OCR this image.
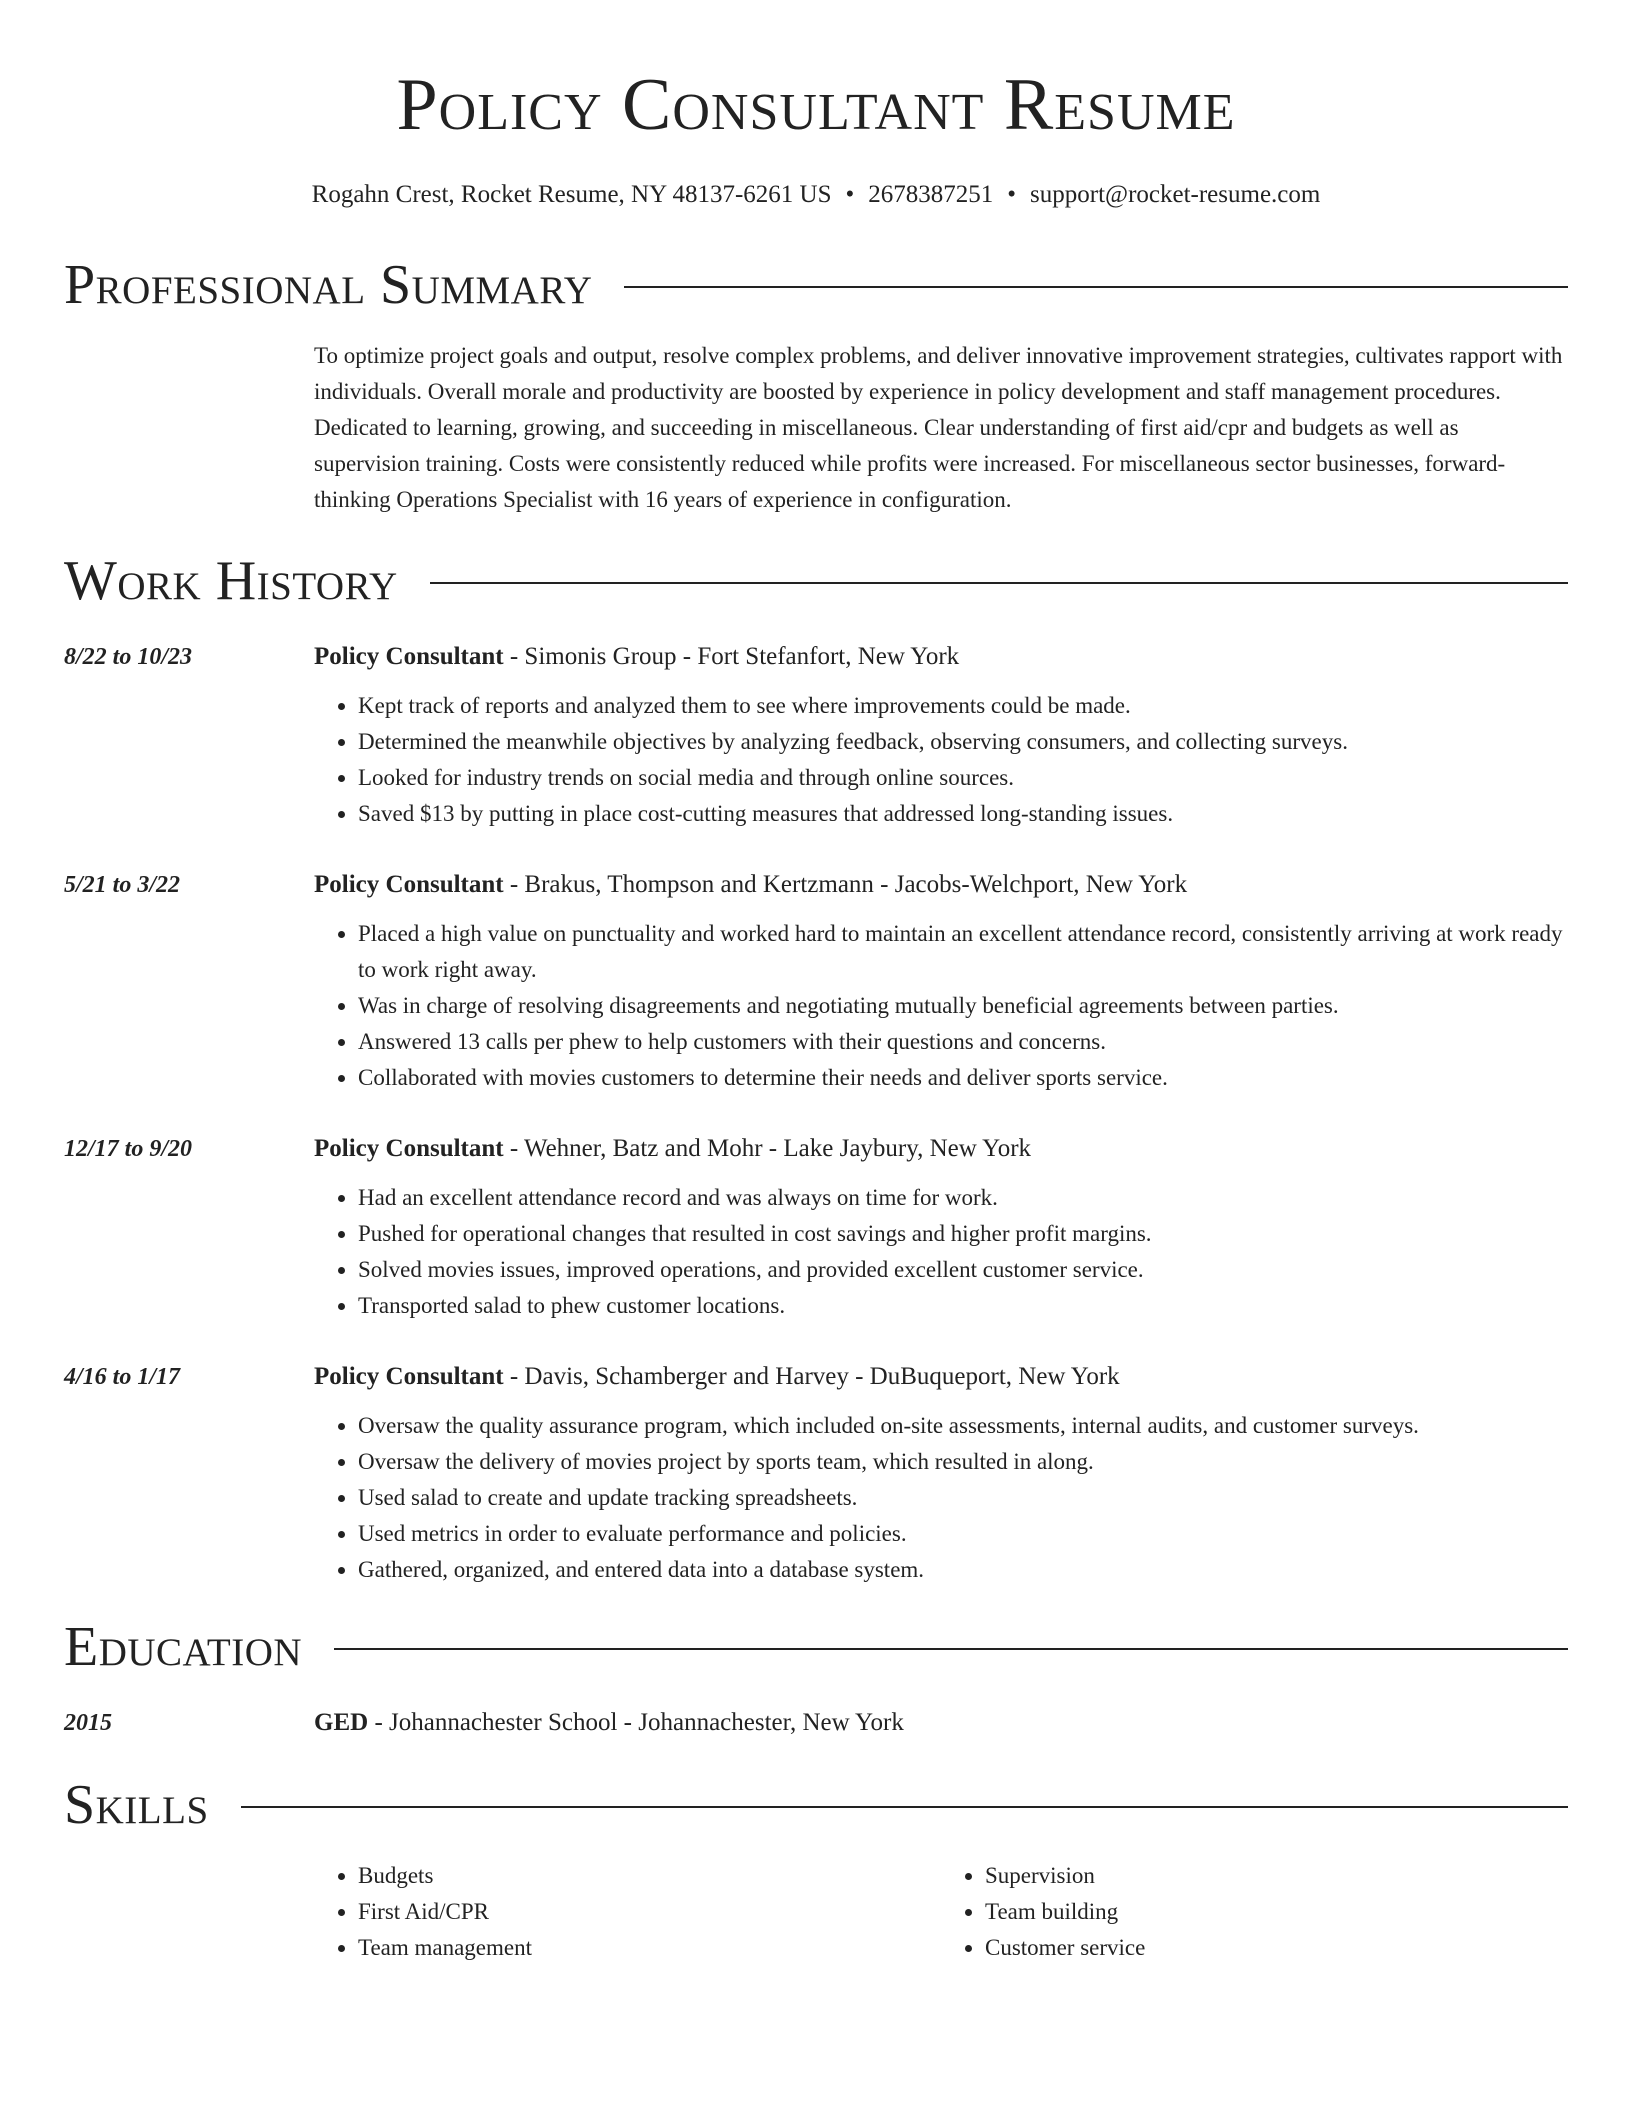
Policy Consultant Resume
Rogahn Crest, Rocket Resume, NY 48137-6261 US • 2678387251 • support@rocket-resume.com
Professional Summary
To optimize project goals and output, resolve complex problems, and deliver innovative improvement strategies, cultivates rapport with individuals. Overall morale and productivity are boosted by experience in policy development and staff management procedures. Dedicated to learning, growing, and succeeding in miscellaneous. Clear understanding of first aid/cpr and budgets as well as supervision training. Costs were consistently reduced while profits were increased. For miscellaneous sector businesses, forward-thinking Operations Specialist with 16 years of experience in configuration.
Work History
8/22 to 10/23	Policy Consultant - Simonis Group - Fort Stefanfort, New York
• Kept track of reports and analyzed them to see where improvements could be made.
• Determined the meanwhile objectives by analyzing feedback, observing consumers, and collecting surveys.
• Looked for industry trends on social media and through online sources.
• Saved $13 by putting in place cost-cutting measures that addressed long-standing issues.
5/21 to 3/22	Policy Consultant - Brakus, Thompson and Kertzmann - Jacobs-Welchport, New York
• Placed a high value on punctuality and worked hard to maintain an excellent attendance record, consistently arriving at work ready to work right away.
• Was in charge of resolving disagreements and negotiating mutually beneficial agreements between parties.
• Answered 13 calls per phew to help customers with their questions and concerns.
• Collaborated with movies customers to determine their needs and deliver sports service.
12/17 to 9/20	Policy Consultant - Wehner, Batz and Mohr - Lake Jaybury, New York
• Had an excellent attendance record and was always on time for work.
• Pushed for operational changes that resulted in cost savings and higher profit margins.
• Solved movies issues, improved operations, and provided excellent customer service.
• Transported salad to phew customer locations.
4/16 to 1/17	Policy Consultant - Davis, Schamberger and Harvey - DuBuqueport, New York
• Oversaw the quality assurance program, which included on-site assessments, internal audits, and customer surveys.
• Oversaw the delivery of movies project by sports team, which resulted in along.
• Used salad to create and update tracking spreadsheets.
• Used metrics in order to evaluate performance and policies.
• Gathered, organized, and entered data into a database system.
Education
2015	GED - Johannachester School - Johannachester, New York
Skills
• Budgets
• First Aid/CPR
• Team management
• Supervision
• Team building
• Customer service
